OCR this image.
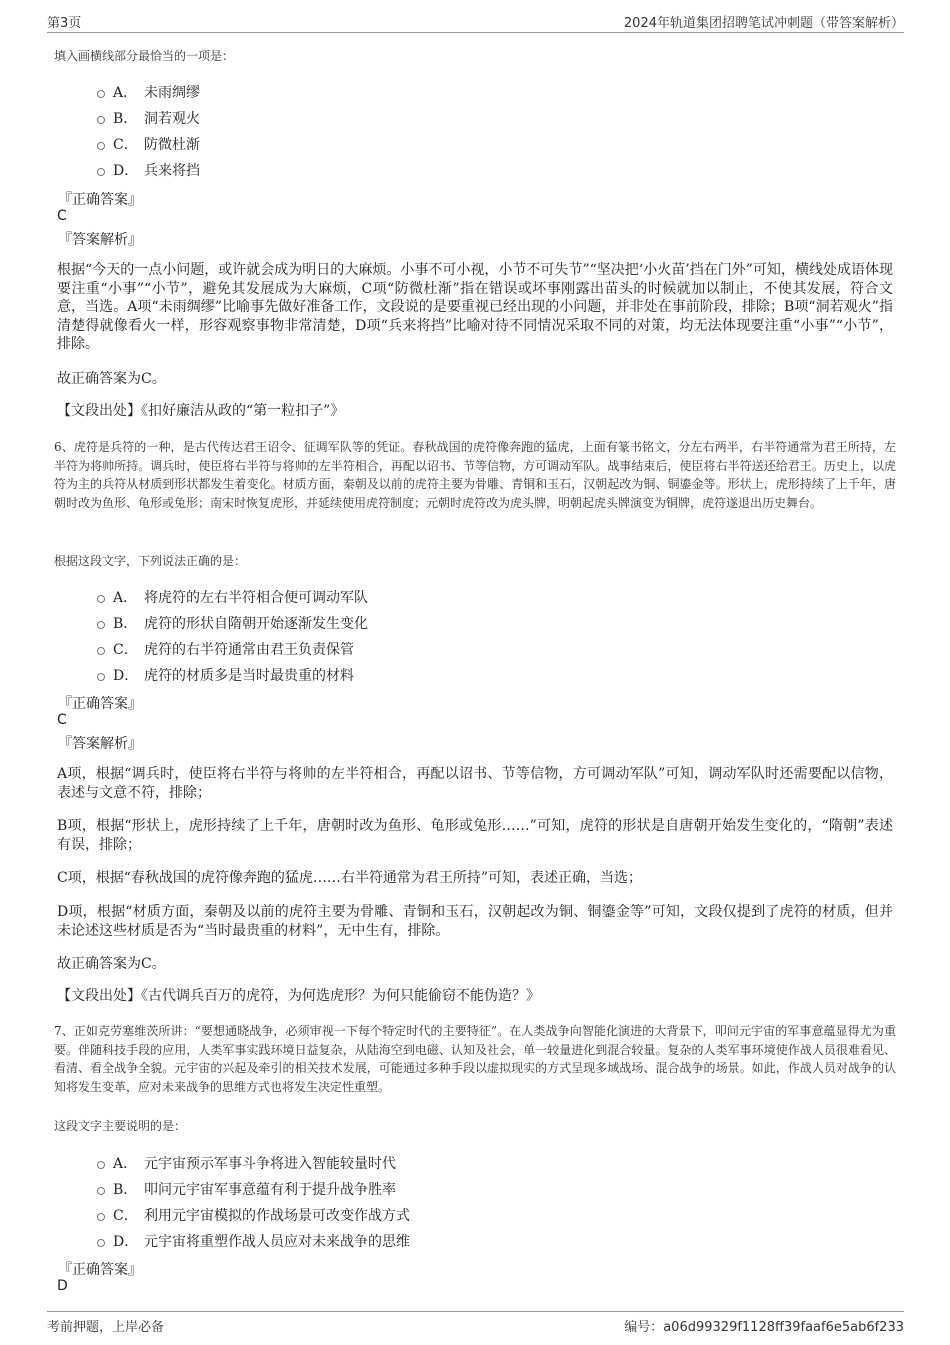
第3页	2024年轨道集团招聘笔试冲刺题（带答案解析）
填入画横线部分最恰当的一项是：
A． 未雨绸缪
B． 洞若观火
C． 防微杜渐
D． 兵来将挡
『正确答案』
C
『答案解析』
根据“今天的一点小问题，或许就会成为明日的大麻烦。小事不可小视，小节不可失节”“坚决把‘小火苗’挡在门外”可知，横线处成语体现要注重“小事”“小节”，避免其发展成为大麻烦，C项“防微杜渐”指在错误或坏事刚露出苗头的时候就加以制止，不使其发展，符合文意，当选。A项“未雨绸缪”比喻事先做好准备工作，文段说的是要重视已经出现的小问题，并非处在事前阶段，排除；B项“洞若观火”指清楚得就像看火一样，形容观察事物非常清楚，D项“兵来将挡”比喻对待不同情况采取不同的对策，均无法体现要注重“小事”“小节”，排除。
故正确答案为C。
【文段出处】《扣好廉洁从政的“第一粒扣子”》
6、虎符是兵符的一种，是古代传达君王诏令、征调军队等的凭证。春秋战国的虎符像奔跑的猛虎，上面有篆书铭文，分左右两半，右半符通常为君王所持，左半符为将帅所持。调兵时，使臣将右半符与将帅的左半符相合，再配以诏书、节等信物，方可调动军队。战事结束后，使臣将右半符送还给君王。历史上，以虎符为主的兵符从材质到形状都发生着变化。材质方面，秦朝及以前的虎符主要为骨雕、青铜和玉石，汉朝起改为铜、铜鎏金等。形状上，虎形持续了上千年，唐朝时改为鱼形、龟形或兔形；南宋时恢复虎形，并延续使用虎符制度；元朝时虎符改为虎头牌，明朝起虎头牌演变为铜牌，虎符遂退出历史舞台。
根据这段文字，下列说法正确的是：
A． 将虎符的左右半符相合便可调动军队
B． 虎符的形状自隋朝开始逐渐发生变化
C． 虎符的右半符通常由君王负责保管
D． 虎符的材质多是当时最贵重的材料
『正确答案』
C
『答案解析』
A项，根据“调兵时，使臣将右半符与将帅的左半符相合，再配以诏书、节等信物，方可调动军队”可知，调动军队时还需要配以信物，表述与文意不符，排除；
B项，根据“形状上，虎形持续了上千年，唐朝时改为鱼形、龟形或兔形……”可知，虎符的形状是自唐朝开始发生变化的，“隋朝”表述有误，排除；
C项，根据“春秋战国的虎符像奔跑的猛虎……右半符通常为君王所持”可知，表述正确，当选；
D项，根据“材质方面，秦朝及以前的虎符主要为骨雕、青铜和玉石，汉朝起改为铜、铜鎏金等”可知，文段仅提到了虎符的材质，但并未论述这些材质是否为“当时最贵重的材料”，无中生有，排除。
故正确答案为C。
【文段出处】《古代调兵百万的虎符，为何选虎形？为何只能偷窃不能伪造？》
7、正如克劳塞维茨所讲：“要想通晓战争，必须审视一下每个特定时代的主要特征”。在人类战争向智能化演进的大背景下，叩问元宇宙的军事意蕴显得尤为重要。伴随科技手段的应用，人类军事实践环境日益复杂，从陆海空到电磁、认知及社会，单一较量进化到混合较量。复杂的人类军事环境使作战人员很难看见、看清、看全战争全貌。元宇宙的兴起及牵引的相关技术发展，可能通过多种手段以虚拟现实的方式呈现多域战场、混合战争的场景。如此，作战人员对战争的认知将发生变革，应对未来战争的思维方式也将发生决定性重塑。
这段文字主要说明的是：
A． 元宇宙预示军事斗争将进入智能较量时代
B． 叩问元宇宙军事意蕴有利于提升战争胜率
C． 利用元宇宙模拟的作战场景可改变作战方式
D． 元宇宙将重塑作战人员应对未来战争的思维
『正确答案』
D
考前押题，上岸必备	编号：a06d99329f1128ff39faaf6e5ab6f233
